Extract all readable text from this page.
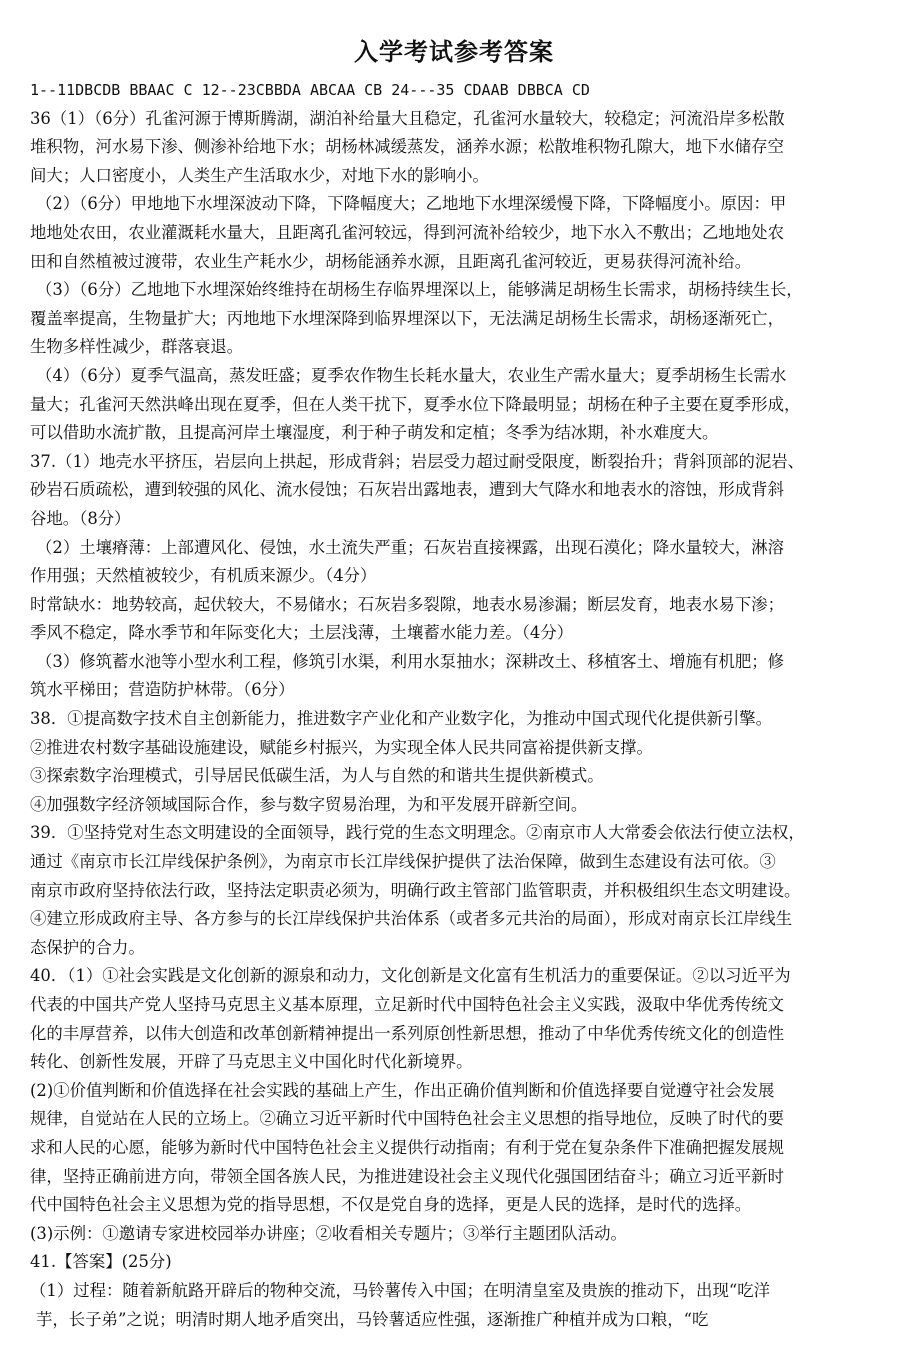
入学考试参考答案
1--11DBCDB BBAAC C 12--23CBBDA ABCAA CB 24---35 CDAAB DBBCA CD
36（1）（6分）孔雀河源于博斯腾湖，湖泊补给量大且稳定，孔雀河水量较大，较稳定；河流沿岸多松散
堆积物，河水易下渗、侧渗补给地下水；胡杨林减缓蒸发，涵养水源；松散堆积物孔隙大，地下水储存空
间大；人口密度小，人类生产生活取水少，对地下水的影响小。
（2）（6分）甲地地下水埋深波动下降，下降幅度大；乙地地下水埋深缓慢下降，下降幅度小。原因：甲
地地处农田，农业灌溉耗水量大，且距离孔雀河较远，得到河流补给较少，地下水入不敷出；乙地地处农
田和自然植被过渡带，农业生产耗水少，胡杨能涵养水源，且距离孔雀河较近，更易获得河流补给。
（3）（6分）乙地地下水埋深始终维持在胡杨生存临界埋深以上，能够满足胡杨生长需求，胡杨持续生长，
覆盖率提高，生物量扩大；丙地地下水埋深降到临界埋深以下，无法满足胡杨生长需求，胡杨逐渐死亡，
生物多样性减少，群落衰退。
（4）（6分）夏季气温高，蒸发旺盛；夏季农作物生长耗水量大，农业生产需水量大；夏季胡杨生长需水
量大；孔雀河天然洪峰出现在夏季，但在人类干扰下，夏季水位下降最明显；胡杨在种子主要在夏季形成，
可以借助水流扩散，且提高河岸土壤湿度，利于种子萌发和定植；冬季为结冰期，补水难度大。
37.（1）地壳水平挤压，岩层向上拱起，形成背斜；岩层受力超过耐受限度，断裂抬升；背斜顶部的泥岩、
砂岩石质疏松，遭到较强的风化、流水侵蚀；石灰岩出露地表，遭到大气降水和地表水的溶蚀，形成背斜
谷地。（8分）
（2）土壤瘠薄：上部遭风化、侵蚀，水土流失严重；石灰岩直接裸露，出现石漠化；降水量较大，淋溶
作用强；天然植被较少，有机质来源少。（4分）
时常缺水：地势较高，起伏较大，不易储水；石灰岩多裂隙，地表水易渗漏；断层发育，地表水易下渗；
季风不稳定，降水季节和年际变化大；土层浅薄，土壤蓄水能力差。（4分）
（3）修筑蓄水池等小型水利工程，修筑引水渠，利用水泵抽水；深耕改土、移植客土、增施有机肥；修
筑水平梯田；营造防护林带。（6分）
38．①提高数字技术自主创新能力，推进数字产业化和产业数字化，为推动中国式现代化提供新引擎。
②推进农村数字基础设施建设，赋能乡村振兴，为实现全体人民共同富裕提供新支撑。
③探索数字治理模式，引导居民低碳生活，为人与自然的和谐共生提供新模式。
④加强数字经济领域国际合作，参与数字贸易治理，为和平发展开辟新空间。
39．①坚持党对生态文明建设的全面领导，践行党的生态文明理念。②南京市人大常委会依法行使立法权，
通过《南京市长江岸线保护条例》，为南京市长江岸线保护提供了法治保障，做到生态建设有法可依。③
南京市政府坚持依法行政，坚持法定职责必须为，明确行政主管部门监管职责，并积极组织生态文明建设。
④建立形成政府主导、各方参与的长江岸线保护共治体系（或者多元共治的局面），形成对南京长江岸线生
态保护的合力。
40．（1）①社会实践是文化创新的源泉和动力，文化创新是文化富有生机活力的重要保证。②以习近平为
代表的中国共产党人坚持马克思主义基本原理，立足新时代中国特色社会主义实践，汲取中华优秀传统文
化的丰厚营养，以伟大创造和改革创新精神提出一系列原创性新思想，推动了中华优秀传统文化的创造性
转化、创新性发展，开辟了马克思主义中国化时代化新境界。
(2)①价值判断和价值选择在社会实践的基础上产生，作出正确价值判断和价值选择要自觉遵守社会发展
规律，自觉站在人民的立场上。②确立习近平新时代中国特色社会主义思想的指导地位，反映了时代的要
求和人民的心愿，能够为新时代中国特色社会主义提供行动指南；有利于党在复杂条件下准确把握发展规
律，坚持正确前进方向，带领全国各族人民，为推进建设社会主义现代化强国团结奋斗；确立习近平新时
代中国特色社会主义思想为党的指导思想，不仅是党自身的选择，更是人民的选择，是时代的选择。
(3)示例：①邀请专家进校园举办讲座；②收看相关专题片；③举行主题团队活动。
41.【答案】(25分)
（1）过程：随着新航路开辟后的物种交流，马铃薯传入中国；在明清皇室及贵族的推动下，出现“吃洋
芋，长子弟”之说；明清时期人地矛盾突出，马铃薯适应性强，逐渐推广种植并成为口粮，“吃
